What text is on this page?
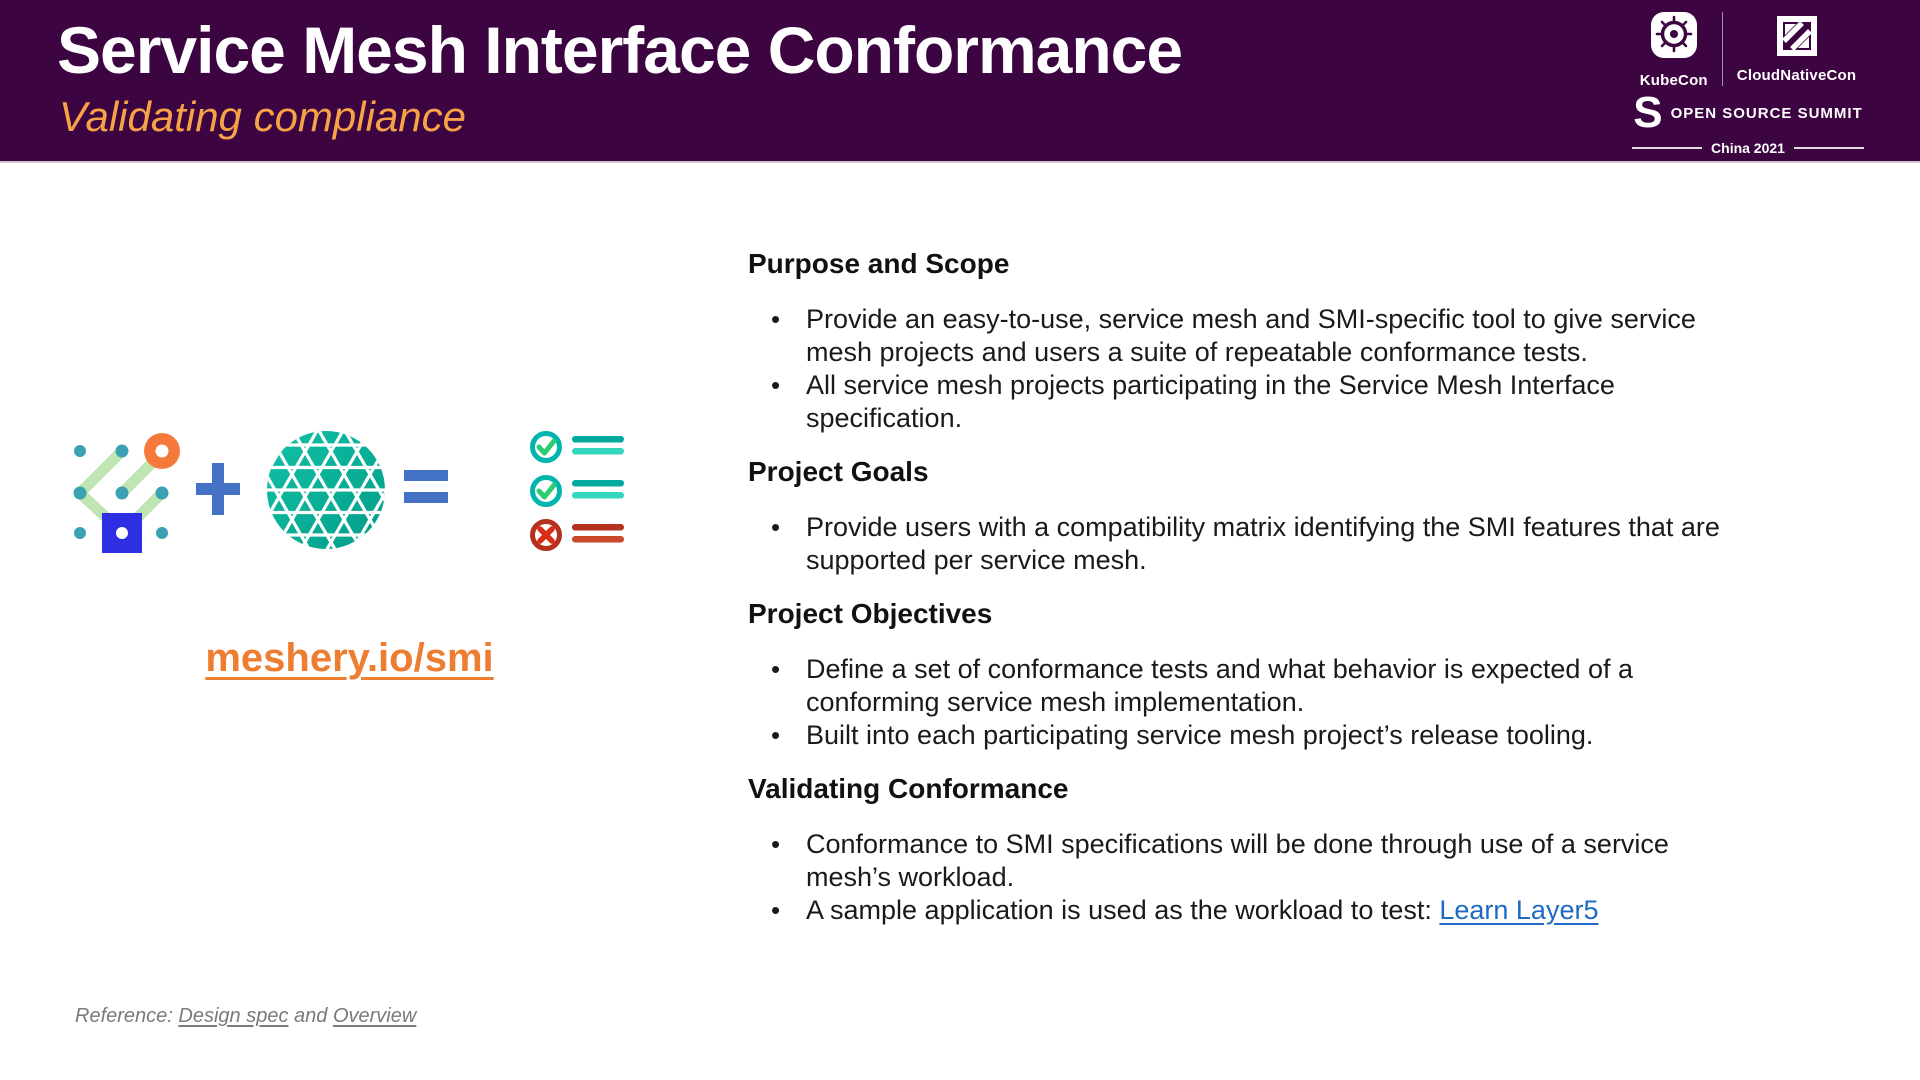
Service Mesh Interface Conformance
Validating compliance
KubeCon CloudNativeCon
S OPEN SOURCE SUMMIT
China 2021
meshery.io/smi
Purpose and Scope
• Provide an easy-to-use, service mesh and SMI-specific tool to give service mesh projects and users a suite of repeatable conformance tests.
• All service mesh projects participating in the Service Mesh Interface specification.
Project Goals
• Provide users with a compatibility matrix identifying the SMI features that are supported per service mesh.
Project Objectives
• Define a set of conformance tests and what behavior is expected of a conforming service mesh implementation.
• Built into each participating service mesh project’s release tooling.
Validating Conformance
• Conformance to SMI specifications will be done through use of a service mesh’s workload.
• A sample application is used as the workload to test: Learn Layer5
Reference: Design spec and Overview
